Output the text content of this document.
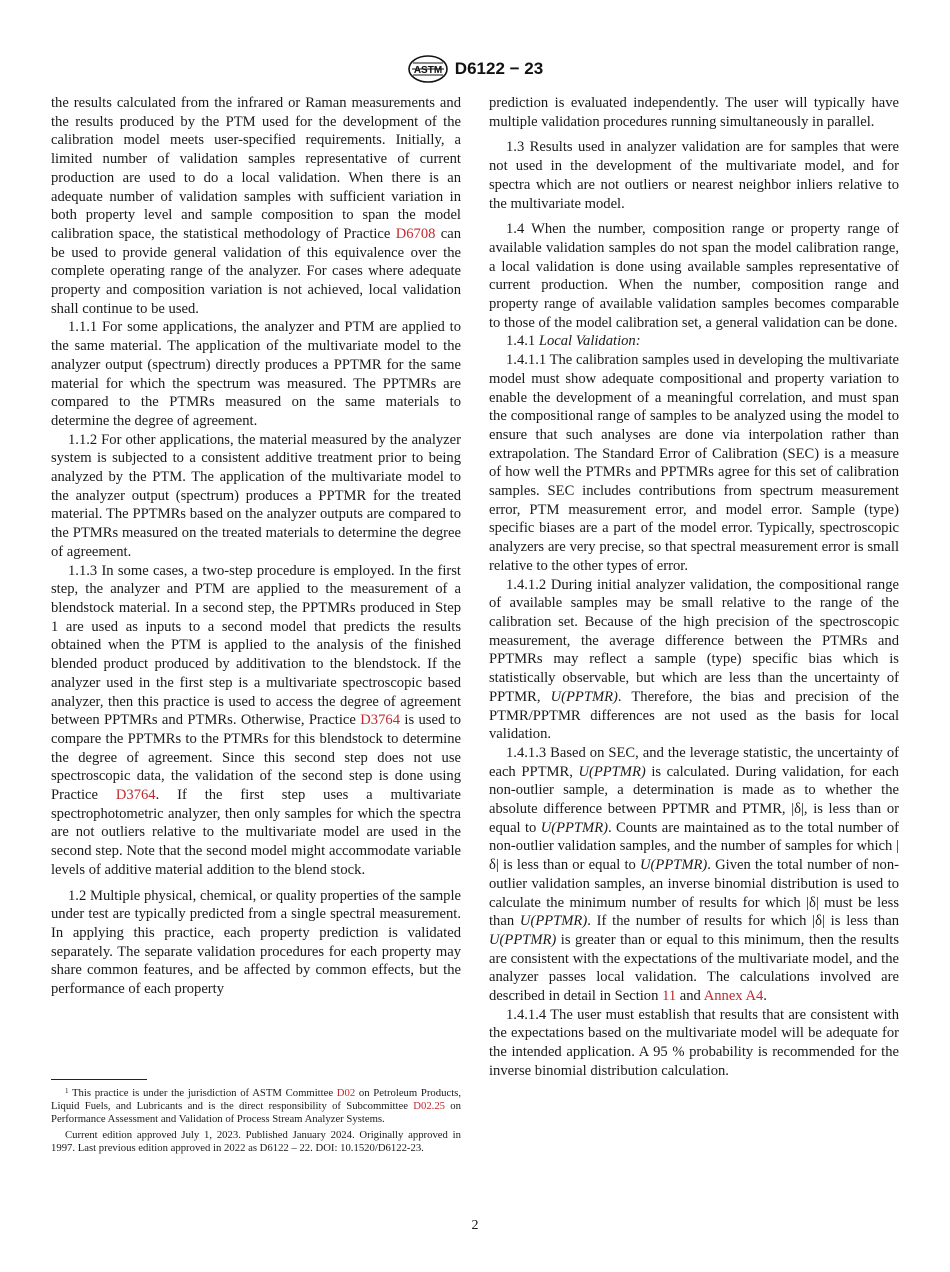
ASTM D6122 − 23

the results calculated from the infrared or Raman measurements and the results produced by the PTM used for the development of the calibration model meets user-specified requirements. Initially, a limited number of validation samples representative of current production are used to do a local validation. When there is an adequate number of validation samples with sufficient variation in both property level and sample composition to span the model calibration space, the statistical methodology of Practice D6708 can be used to provide general validation of this equivalence over the complete operating range of the analyzer. For cases where adequate property and composition variation is not achieved, local validation shall continue to be used.

1.1.1 For some applications, the analyzer and PTM are applied to the same material. The application of the multivariate model to the analyzer output (spectrum) directly produces a PPTMR for the same material for which the spectrum was measured. The PPTMRs are compared to the PTMRs measured on the same materials to determine the degree of agreement.

1.1.2 For other applications, the material measured by the analyzer system is subjected to a consistent additive treatment prior to being analyzed by the PTM. The application of the multivariate model to the analyzer output (spectrum) produces a PPTMR for the treated material. The PPTMRs based on the analyzer outputs are compared to the PTMRs measured on the treated materials to determine the degree of agreement.

1.1.3 In some cases, a two-step procedure is employed. In the first step, the analyzer and PTM are applied to the measurement of a blendstock material. In a second step, the PPTMRs produced in Step 1 are used as inputs to a second model that predicts the results obtained when the PTM is applied to the analysis of the finished blended product produced by additivation to the blendstock. If the analyzer used in the first step is a multivariate spectroscopic based analyzer, then this practice is used to access the degree of agreement between PPTMRs and PTMRs. Otherwise, Practice D3764 is used to compare the PPTMRs to the PTMRs for this blendstock to determine the degree of agreement. Since this second step does not use spectroscopic data, the validation of the second step is done using Practice D3764. If the first step uses a multivariate spectrophotometric analyzer, then only samples for which the spectra are not outliers relative to the multivariate model are used in the second step. Note that the second model might accommodate variable levels of additive material addition to the blend stock.

1.2 Multiple physical, chemical, or quality properties of the sample under test are typically predicted from a single spectral measurement. In applying this practice, each property prediction is validated separately. The separate validation procedures for each property may share common features, and be affected by common effects, but the performance of each property

prediction is evaluated independently. The user will typically have multiple validation procedures running simultaneously in parallel.

1.3 Results used in analyzer validation are for samples that were not used in the development of the multivariate model, and for spectra which are not outliers or nearest neighbor inliers relative to the multivariate model.

1.4 When the number, composition range or property range of available validation samples do not span the model calibration range, a local validation is done using available samples representative of current production. When the number, composition range and property range of available validation samples becomes comparable to those of the model calibration set, a general validation can be done.

1.4.1 Local Validation:

1.4.1.1 The calibration samples used in developing the multivariate model must show adequate compositional and property variation to enable the development of a meaningful correlation, and must span the compositional range of samples to be analyzed using the model to ensure that such analyses are done via interpolation rather than extrapolation. The Standard Error of Calibration (SEC) is a measure of how well the PTMRs and PPTMRs agree for this set of calibration samples. SEC includes contributions from spectrum measurement error, PTM measurement error, and model error. Sample (type) specific biases are a part of the model error. Typically, spectroscopic analyzers are very precise, so that spectral measurement error is small relative to the other types of error.

1.4.1.2 During initial analyzer validation, the compositional range of available samples may be small relative to the range of the calibration set. Because of the high precision of the spectroscopic measurement, the average difference between the PTMRs and PPTMRs may reflect a sample (type) specific bias which is statistically observable, but which are less than the uncertainty of PPTMR, U(PPTMR). Therefore, the bias and precision of the PTMR/PPTMR differences are not used as the basis for local validation.

1.4.1.3 Based on SEC, and the leverage statistic, the uncertainty of each PPTMR, U(PPTMR) is calculated. During validation, for each non-outlier sample, a determination is made as to whether the absolute difference between PPTMR and PTMR, |δ|, is less than or equal to U(PPTMR). Counts are maintained as to the total number of non-outlier validation samples, and the number of samples for which |δ| is less than or equal to U(PPTMR). Given the total number of non-outlier validation samples, an inverse binomial distribution is used to calculate the minimum number of results for which |δ| must be less than U(PPTMR). If the number of results for which |δ| is less than U(PPTMR) is greater than or equal to this minimum, then the results are consistent with the expectations of the multivariate model, and the analyzer passes local validation. The calculations involved are described in detail in Section 11 and Annex A4.

1.4.1.4 The user must establish that results that are consistent with the expectations based on the multivariate model will be adequate for the intended application. A 95 % probability is recommended for the inverse binomial distribution calculation.

$^1$ This practice is under the jurisdiction of ASTM Committee D02 on Petroleum Products, Liquid Fuels, and Lubricants and is the direct responsibility of Subcommittee D02.25 on Performance Assessment and Validation of Process Stream Analyzer Systems.

Current edition approved July 1, 2023. Published January 2024. Originally approved in 1997. Last previous edition approved in 2022 as D6122 – 22. DOI: 10.1520/D6122-23.

2
